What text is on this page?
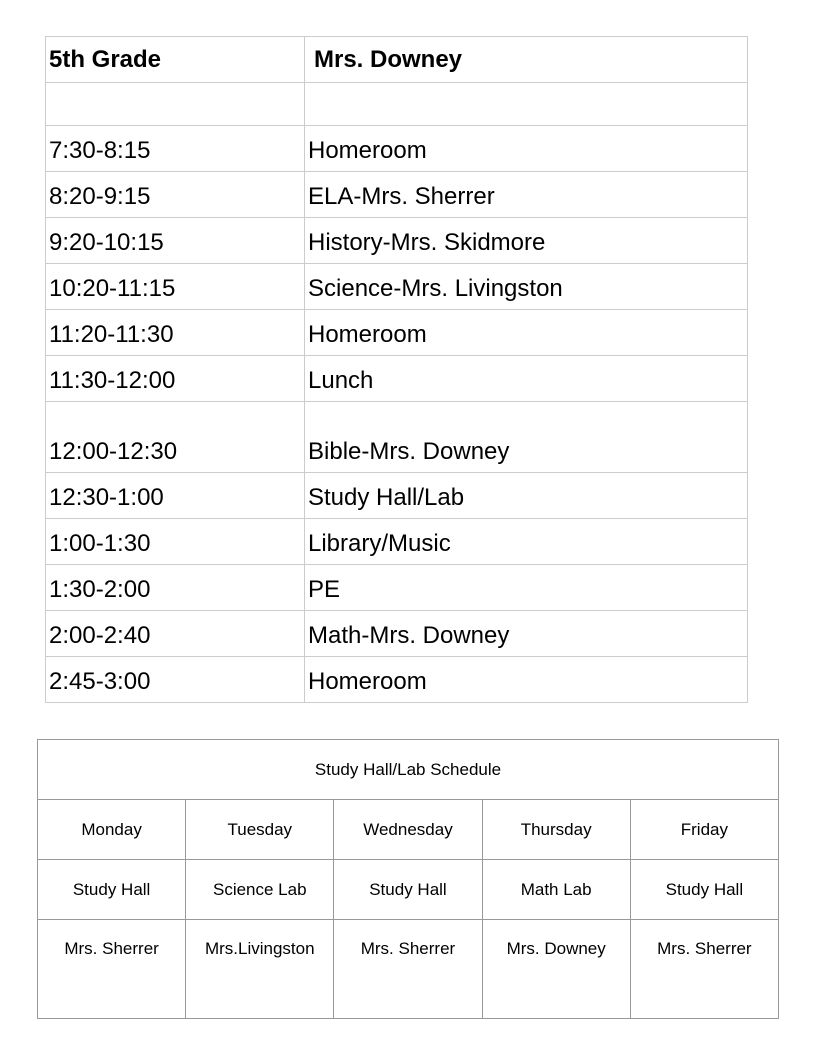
5th Grade	Mrs. Downey

7:30-8:15	Homeroom
8:20-9:15	ELA-Mrs. Sherrer
9:20-10:15	History-Mrs. Skidmore
10:20-11:15	Science-Mrs. Livingston
11:20-11:30	Homeroom
11:30-12:00	Lunch
12:00-12:30	Bible-Mrs. Downey
12:30-1:00	Study Hall/Lab
1:00-1:30	Library/Music
1:30-2:00	PE
2:00-2:40	Math-Mrs. Downey
2:45-3:00	Homeroom
Study Hall/Lab Schedule				
Monday	Tuesday	Wednesday	Thursday	Friday
Study Hall	Science Lab	Study Hall	Math Lab	Study Hall
Mrs. Sherrer	Mrs.Livingston	Mrs. Sherrer	Mrs. Downey	Mrs. Sherrer
